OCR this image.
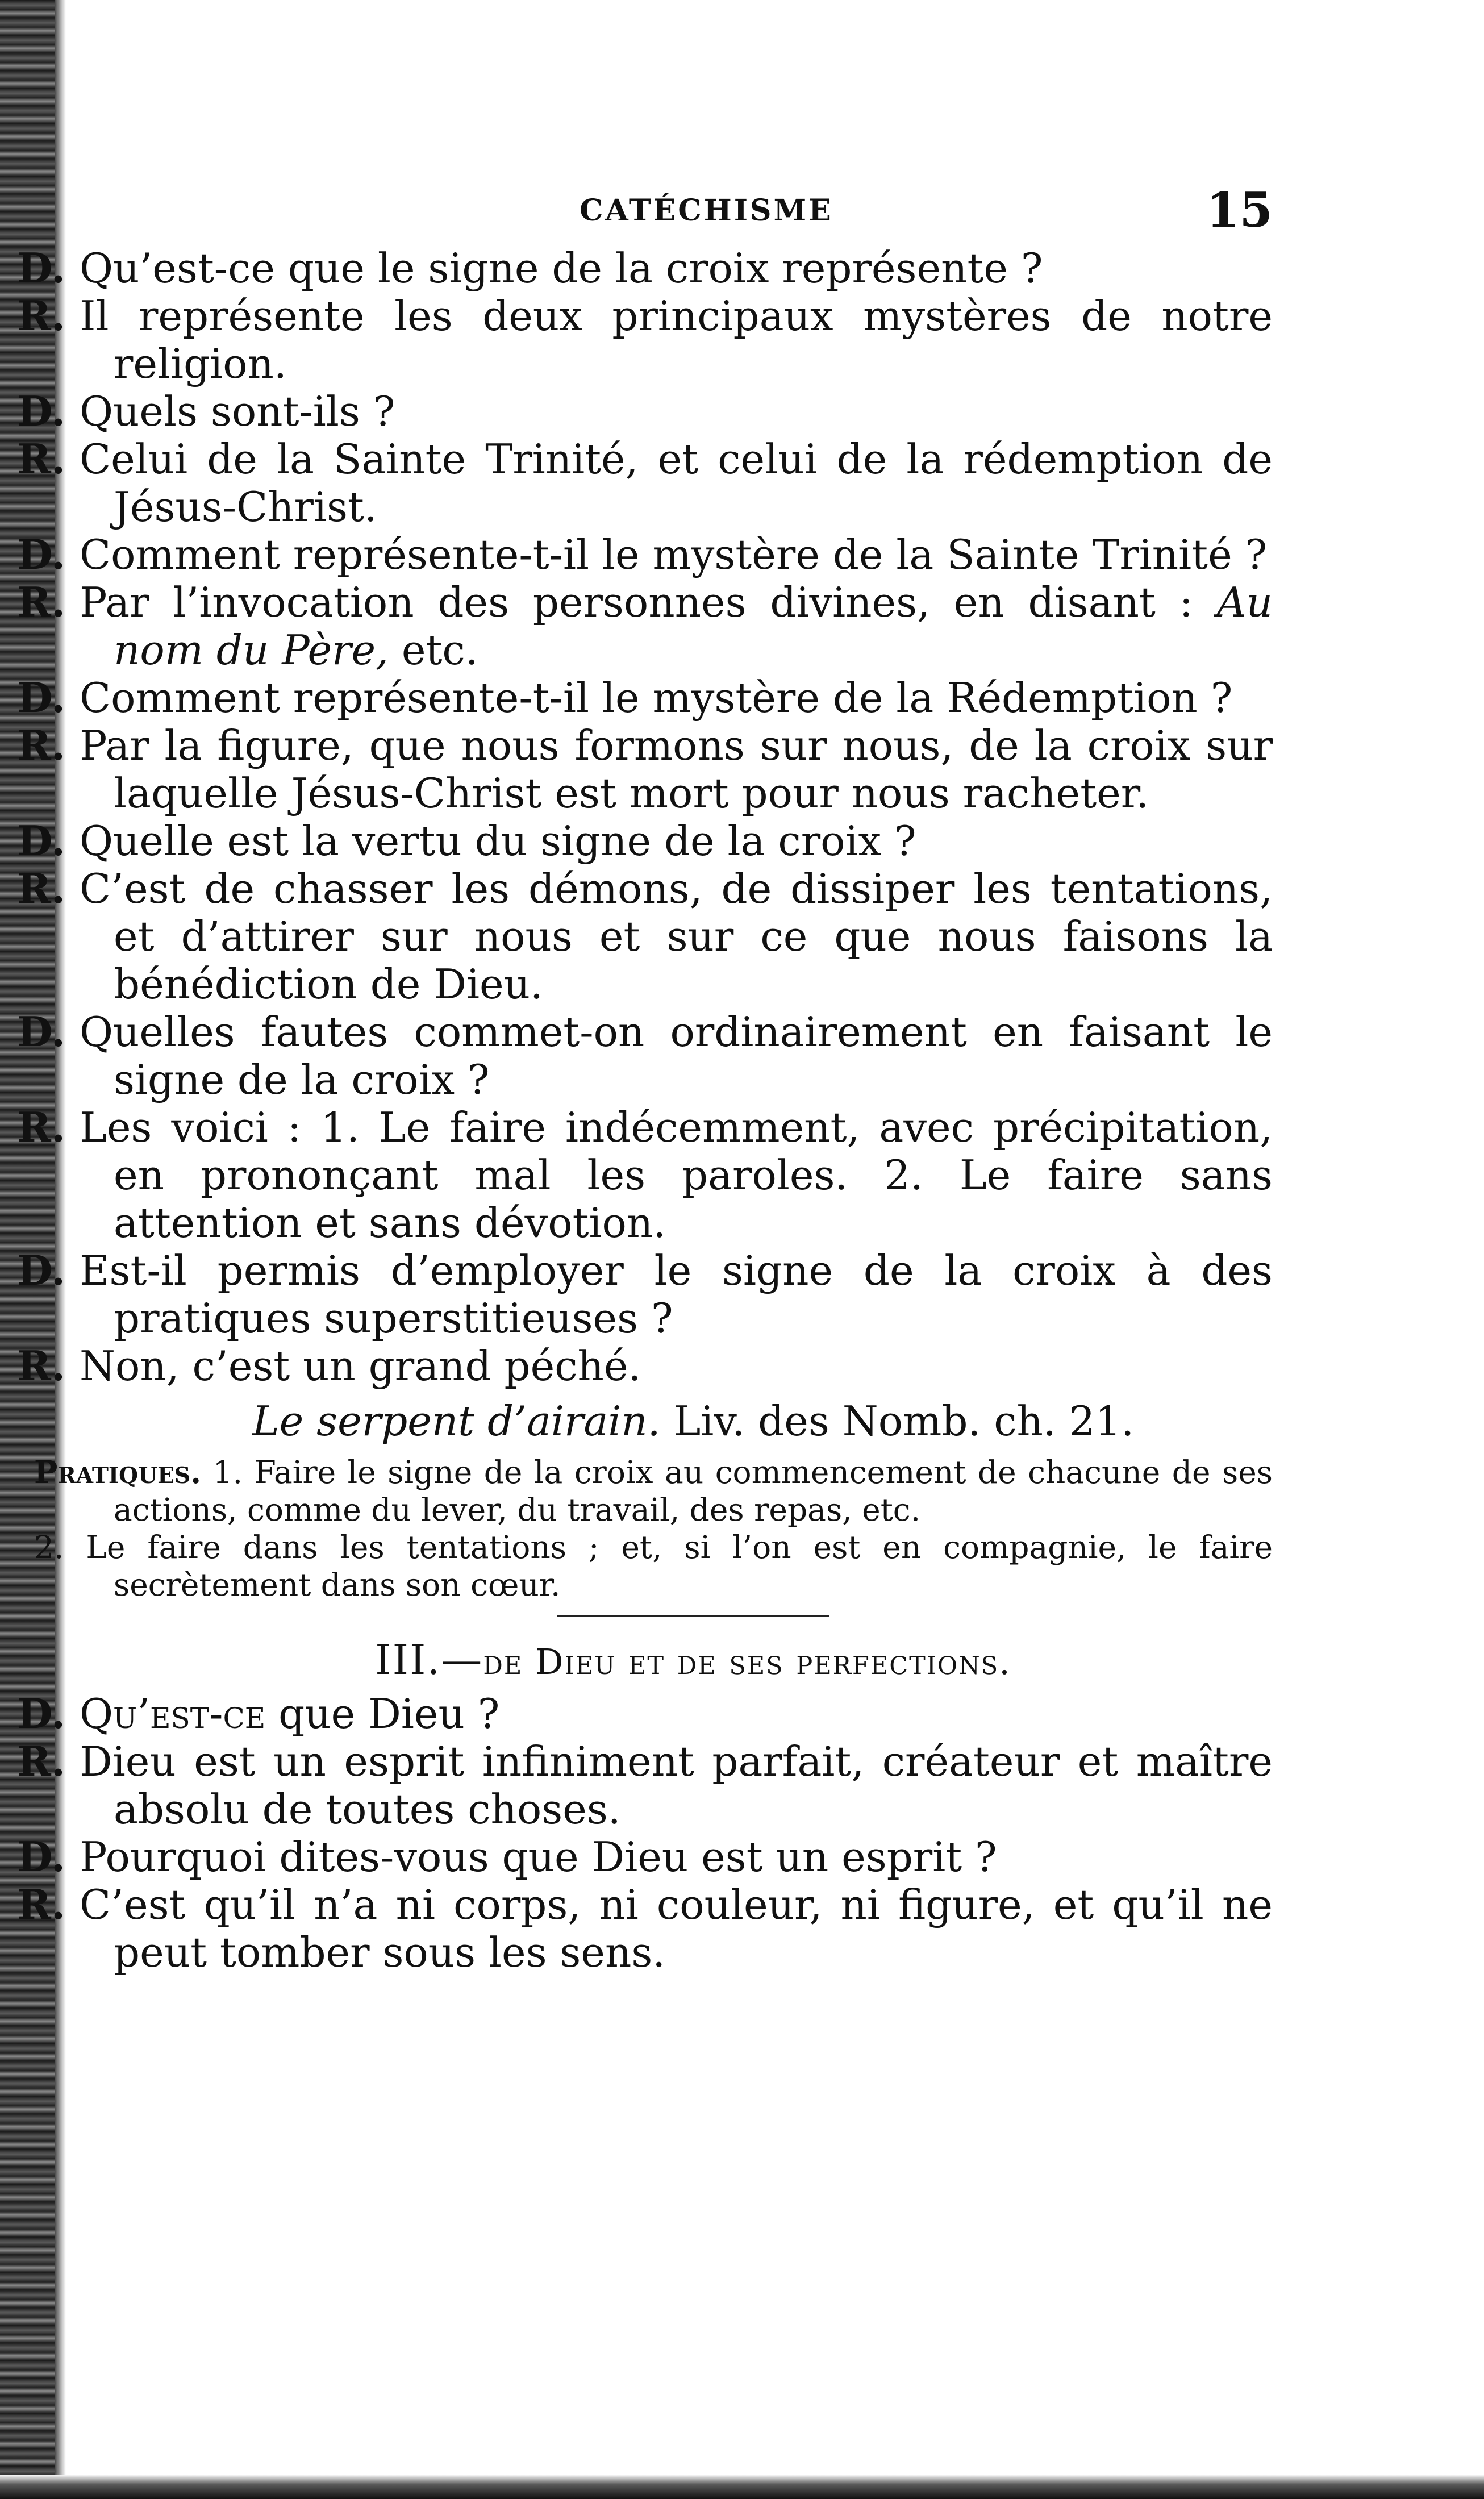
CATÉCHISME	15

D. Qu’est-ce que le signe de la croix représente ?

R. Il représente les deux principaux mystères de notre religion.

D. Quels sont-ils ?

R. Celui de la Sainte Trinité, et celui de la rédemption de Jésus-Christ.

D. Comment représente-t-il le mystère de la Sainte Trinité ?

R. Par l’invocation des personnes divines, en disant : Au nom du Père, etc.

D. Comment représente-t-il le mystère de la Rédemption ?

R. Par la figure, que nous formons sur nous, de la croix sur laquelle Jésus-Christ est mort pour nous racheter.

D. Quelle est la vertu du signe de la croix ?

R. C’est de chasser les démons, de dissiper les tentations, et d’attirer sur nous et sur ce que nous faisons la bénédiction de Dieu.

D. Quelles fautes commet-on ordinairement en faisant le signe de la croix ?

R. Les voici : 1. Le faire indécemment, avec précipitation, en prononçant mal les paroles. 2. Le faire sans attention et sans dévotion.

D. Est-il permis d’employer le signe de la croix à des pratiques superstitieuses ?

R. Non, c’est un grand péché.

Le serpent d’airain. Liv. des Nomb. ch. 21.

Pratiques. 1. Faire le signe de la croix au commencement de chacune de ses actions, comme du lever, du travail, des repas, etc.

2. Le faire dans les tentations ; et, si l’on est en compagnie, le faire secrètement dans son cœur.

III.—de Dieu et de ses perfections.

D. Qu’est-ce que Dieu ?

R. Dieu est un esprit infiniment parfait, créateur et maître absolu de toutes choses.

D. Pourquoi dites-vous que Dieu est un esprit ?

R. C’est qu’il n’a ni corps, ni couleur, ni figure, et qu’il ne peut tomber sous les sens.
